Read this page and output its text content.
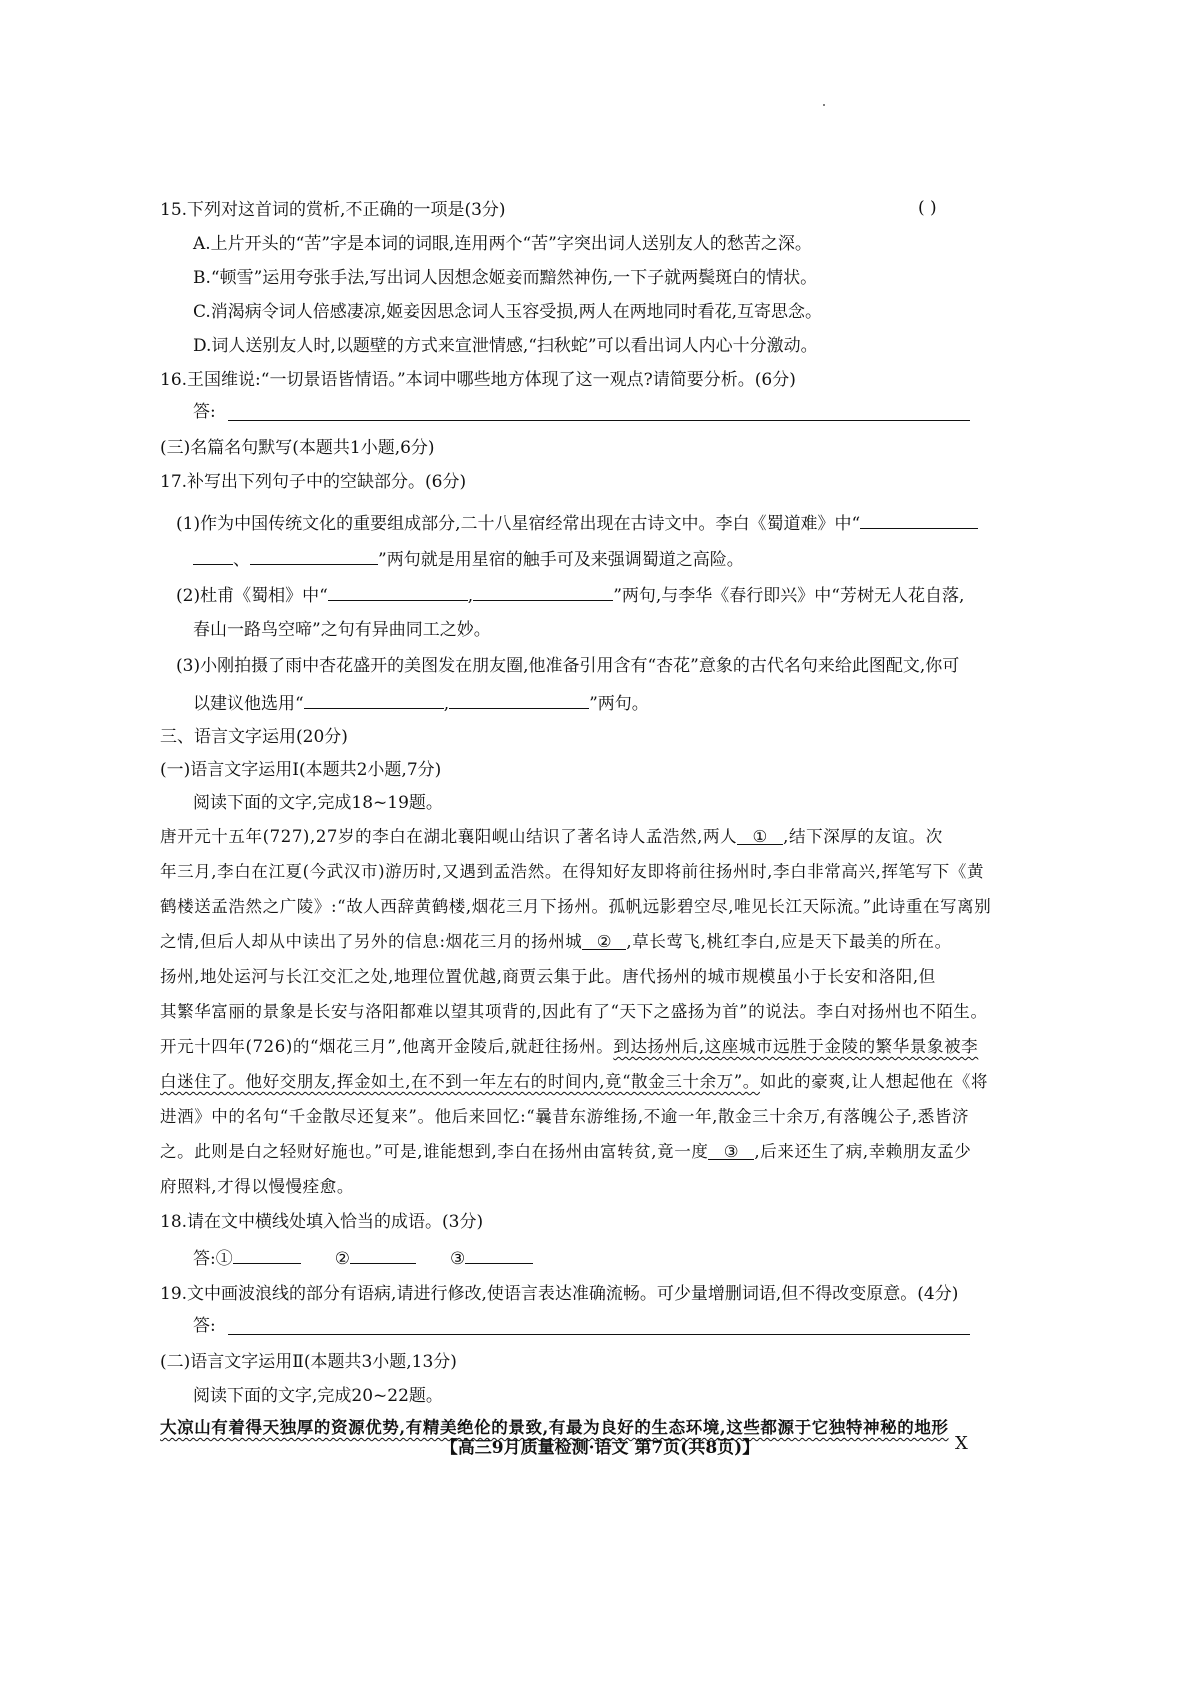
15.下列对这首词的赏析,不正确的一项是(3分)	( )
A.上片开头的“苦”字是本词的词眼,连用两个“苦”字突出词人送别友人的愁苦之深。
B.“顿雪”运用夸张手法,写出词人因想念姬妾而黯然神伤,一下子就两鬓斑白的情状。
C.消渴病令词人倍感凄凉,姬妾因思念词人玉容受损,两人在两地同时看花,互寄思念。
D.词人送别友人时,以题壁的方式来宣泄情感,“扫秋蛇”可以看出词人内心十分激动。
16.王国维说:“一切景语皆情语。”本词中哪些地方体现了这一观点?请简要分析。(6分)
答:
(三)名篇名句默写(本题共1小题,6分)
17.补写出下列句子中的空缺部分。(6分)
(1)作为中国传统文化的重要组成部分,二十八星宿经常出现在古诗文中。李白《蜀道难》中“
、	”两句就是用星宿的触手可及来强调蜀道之高险。
(2)杜甫《蜀相》中“	,	”两句,与李华《春行即兴》中“芳树无人花自落,
春山一路鸟空啼”之句有异曲同工之妙。
(3)小刚拍摄了雨中杏花盛开的美图发在朋友圈,他准备引用含有“杏花”意象的古代名句来给此图配文,你可
以建议他选用“	,	”两句。
三、语言文字运用(20分)
(一)语言文字运用Ⅰ(本题共2小题,7分)
阅读下面的文字,完成18~19题。
唐开元十五年(727),27岁的李白在湖北襄阳岘山结识了著名诗人孟浩然,两人 ① ,结下深厚的友谊。次
年三月,李白在江夏(今武汉市)游历时,又遇到孟浩然。在得知好友即将前往扬州时,李白非常高兴,挥笔写下《黄
鹤楼送孟浩然之广陵》:“故人西辞黄鹤楼,烟花三月下扬州。孤帆远影碧空尽,唯见长江天际流。”此诗重在写离别
之情,但后人却从中读出了另外的信息:烟花三月的扬州城 ② ,草长莺飞,桃红李白,应是天下最美的所在。
扬州,地处运河与长江交汇之处,地理位置优越,商贾云集于此。唐代扬州的城市规模虽小于长安和洛阳,但
其繁华富丽的景象是长安与洛阳都难以望其项背的,因此有了“天下之盛扬为首”的说法。李白对扬州也不陌生。
开元十四年(726)的“烟花三月”,他离开金陵后,就赶往扬州。到达扬州后,这座城市远胜于金陵的繁华景象被李
白迷住了。他好交朋友,挥金如土,在不到一年左右的时间内,竟“散金三十余万”。如此的豪爽,让人想起他在《将
进酒》中的名句“千金散尽还复来”。他后来回忆:“曩昔东游维扬,不逾一年,散金三十余万,有落魄公子,悉皆济
之。此则是白之轻财好施也。”可是,谁能想到,李白在扬州由富转贫,竟一度 ③ ,后来还生了病,幸赖朋友孟少
府照料,才得以慢慢痊愈。
18.请在文中横线处填入恰当的成语。(3分)
答:①	②	③
19.文中画波浪线的部分有语病,请进行修改,使语言表达准确流畅。可少量增删词语,但不得改变原意。(4分)
答:
(二)语言文字运用Ⅱ(本题共3小题,13分)
阅读下面的文字,完成20~22题。
大凉山有着得天独厚的资源优势,有精美绝伦的景致,有最为良好的生态环境,这些都源于它独特神秘的地形
【高三9月质量检测·语文 第7页(共8页)】	X
